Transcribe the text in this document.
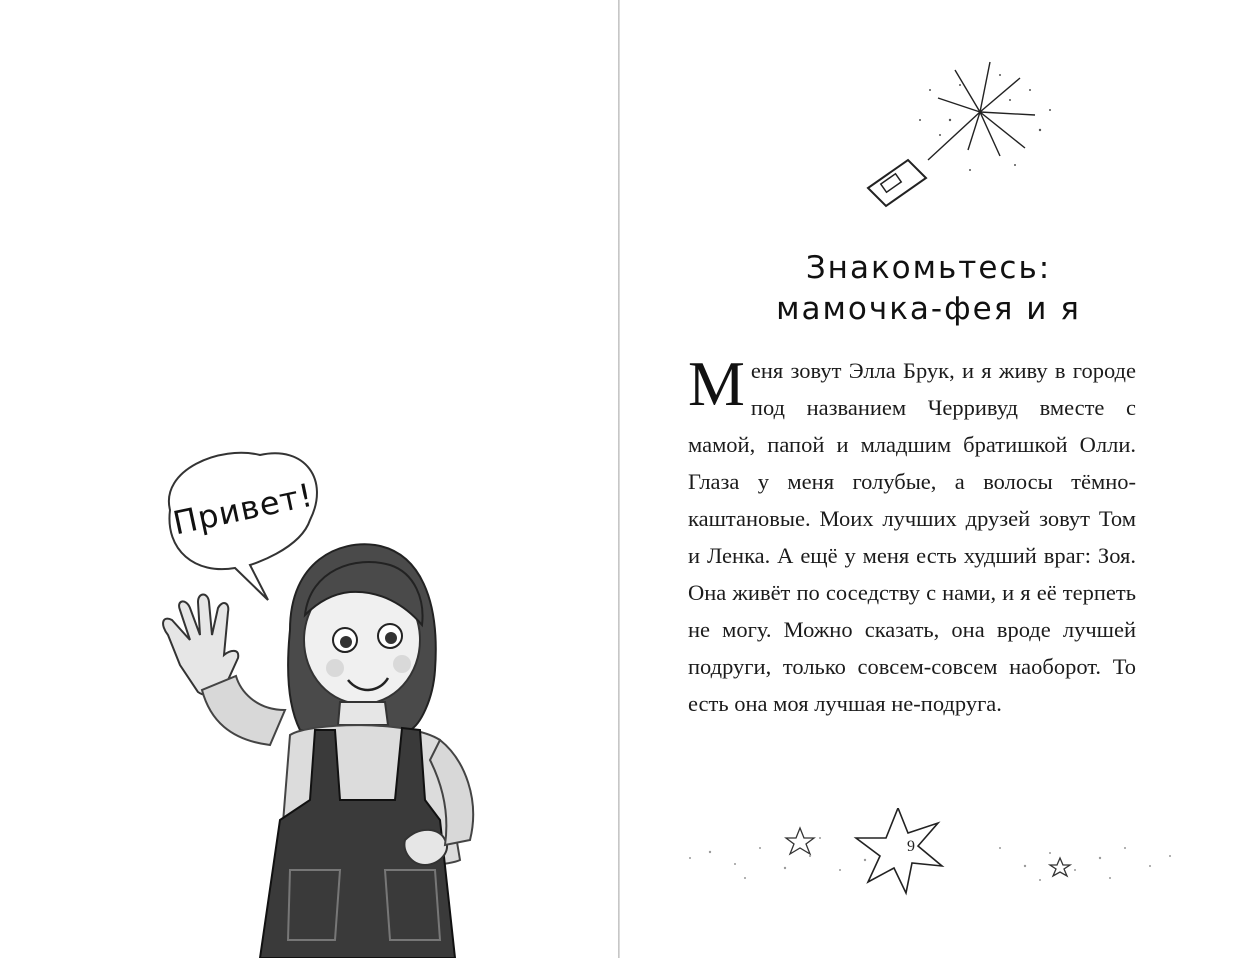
Привет!
Знакомьтесь:
мамочка-фея и я
М еня зовут Элла Брук, и я живу в городе под названием Черривуд вместе с мамой, папой и младшим братишкой Олли. Глаза у меня голубые, а волосы тёмно-каштановые. Моих лучших друзей зовут Том и Ленка. А ещё у меня есть худший враг: Зоя. Она живёт по соседству с нами, и я её терпеть не могу. Можно сказать, она вроде лучшей подруги, только совсем-совсем наоборот. То есть она моя лучшая не-подруга.

9
